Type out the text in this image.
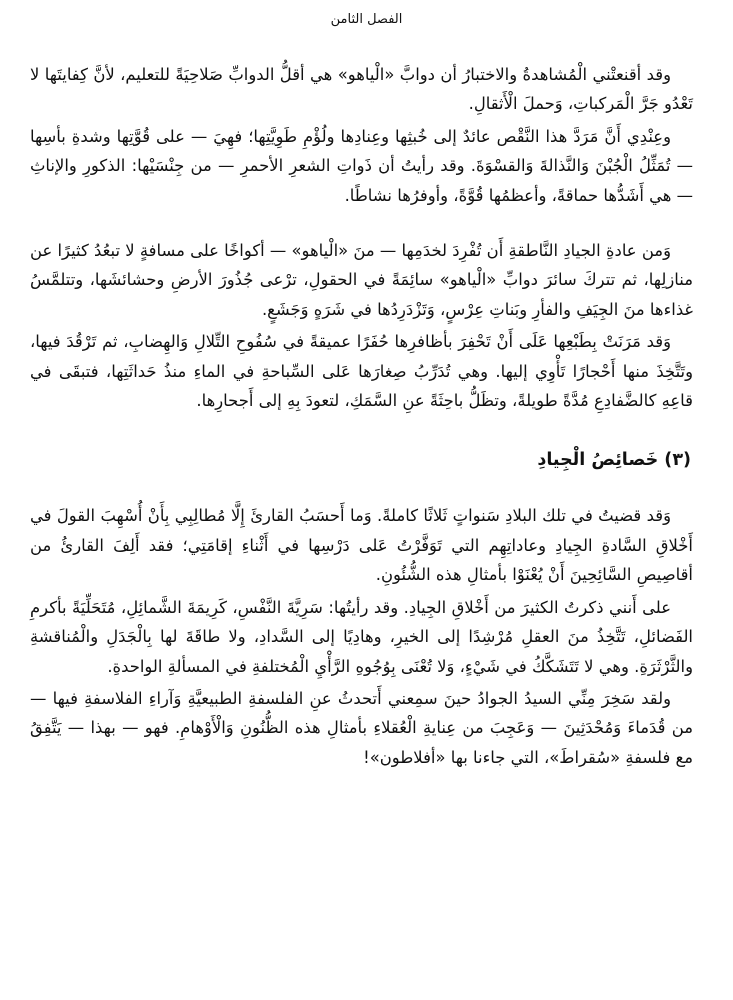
الفصل الثامن

وقد أقنعتْني الْمُشاهدةُ والاختبارُ أن دوابَّ «الْياهو» هي أقلُّ الدوابِّ صَلاحِيَةً للتعليم، لأنَّ كِفايتَها لا تَعْدُو جَرَّ الْمَركباتِ، وَحملَ الْأَثقالِ.

وعِنْدِي أَنَّ مَرَدَّ هذا النَّقْص عائدٌ إلى خُبثِها وعِنادِها ولُؤْمِ طَوِيَّتِها؛ فهِيَ — على قُوَّتِها وشدةِ بأسِها — تُمَثِّلُ الْجُبْنَ وَالنَّذالةَ وَالقسْوَةَ. وقد رأيتُ أن ذَواتِ الشعرِ الأحمرِ — من جِنْسَيْها: الذكورِ والإناثِ — هي أَشَدُّها حماقةً، وأعظمُها قُوَّةً، وأوفرُها نشاطًا.

وَمن عادةِ الجيادِ النَّاطقةِ أَن تُفْرِدَ لخدَمِها — منَ «الْياهو» — أكواخًا على مسافةٍ لا تبعُدُ كثيرًا عن منازلِها، ثم تتركَ سائرَ دوابِّ «الْياهو» سائِمَةً في الحقولِ، ترْعى جُذُورَ الأرضِ وحشائشَها، وتتلمَّسُ غذاءها منَ الجِيَفِ والفأرِ وبَناتِ عِرْسٍ، وَتَزْدَرِدُها في شَرَهٍ وَجَشَعٍ.

وَقد مَرَنَتْ بِطَبْعِها عَلَى أَنْ تَحْفِرَ بأظافرِها حُفَرًا عميقةً في سُفُوحِ التِّلالِ وَالهِضابِ، ثم تَرْقُدَ فيها، وتَتَّخِذَ منها أَحْجارًا تَأْوِي إليها. وهي تُدَرِّبُ صِغارَها عَلى السِّباحةِ في الماءِ منذُ حَداثَتِها، فتبقَى في قاعِهِ كالضَّفادِعِ مُدَّةً طويلةً، وتظَلُّ باحِثَةً عنِ السَّمَكِ، لتعودَ بِهِ إلى أَجحارِها.

(٣) خَصائِصُ الْجِيادِ

وَقد قضيتُ في تلك البلادِ سَنواتٍ ثَلاثًا كاملةً. وَما أَحسَبُ القارئَ إِلَّا مُطالِبِي بِأَنْ أُسْهِبَ القولَ في أَخْلاقِ السَّادةِ الجِيادِ وعاداتِهِم التي تَوَفَّرْتُ عَلى دَرْسِها في أَثْناءِ إقامَتِي؛ فقد أَلِفَ القارئُ من أقاصِيصِ السَّائِحِينَ أَنْ يُعْنَوْا بأمثالِ هذه الشُّئُونِ.

على أَنني ذكرتُ الكثيرَ من أَخْلاقِ الجِيادِ. وقد رأيتُها: سَرِيَّةَ النَّفْسِ، كَرِيمَةَ الشَّمائِلِ، مُتَحَلِّيَةً بأكرمِ الفَضائلِ، تَتَّخِذُ منَ العقلِ مُرْشِدًا إلى الخيرِ، وهادِيًا إلى السَّدادِ، ولا طاقَةَ لها بِالْجَدَلِ والْمُناقشةِ والثَّرْثَرَةِ. وهي لا تَتَشَكَّكُ في شَيْءٍ، وَلا تُعْنَى بِوُجُوهِ الرَّأْيِ الْمُختلفةِ في المسألةِ الواحدةِ.

ولقد سَخِرَ مِنِّي السيدُ الجوادُ حينَ سمِعني أَتحدثُ عنِ الفلسفةِ الطبيعيَّةِ وَآراءِ الفلاسفةِ فيها — من قُدَماءَ وَمُحْدَثِينَ — وَعَجِبَ من عِنايةِ الْعُقلاءِ بأمثالِ هذه الظُّنُونِ وَالْأَوْهامِ. فهو — بهذا — يَتَّفِقُ مع فلسفةِ «سُقراطَ»، التي جاءنا بها «أفلاطون»!
